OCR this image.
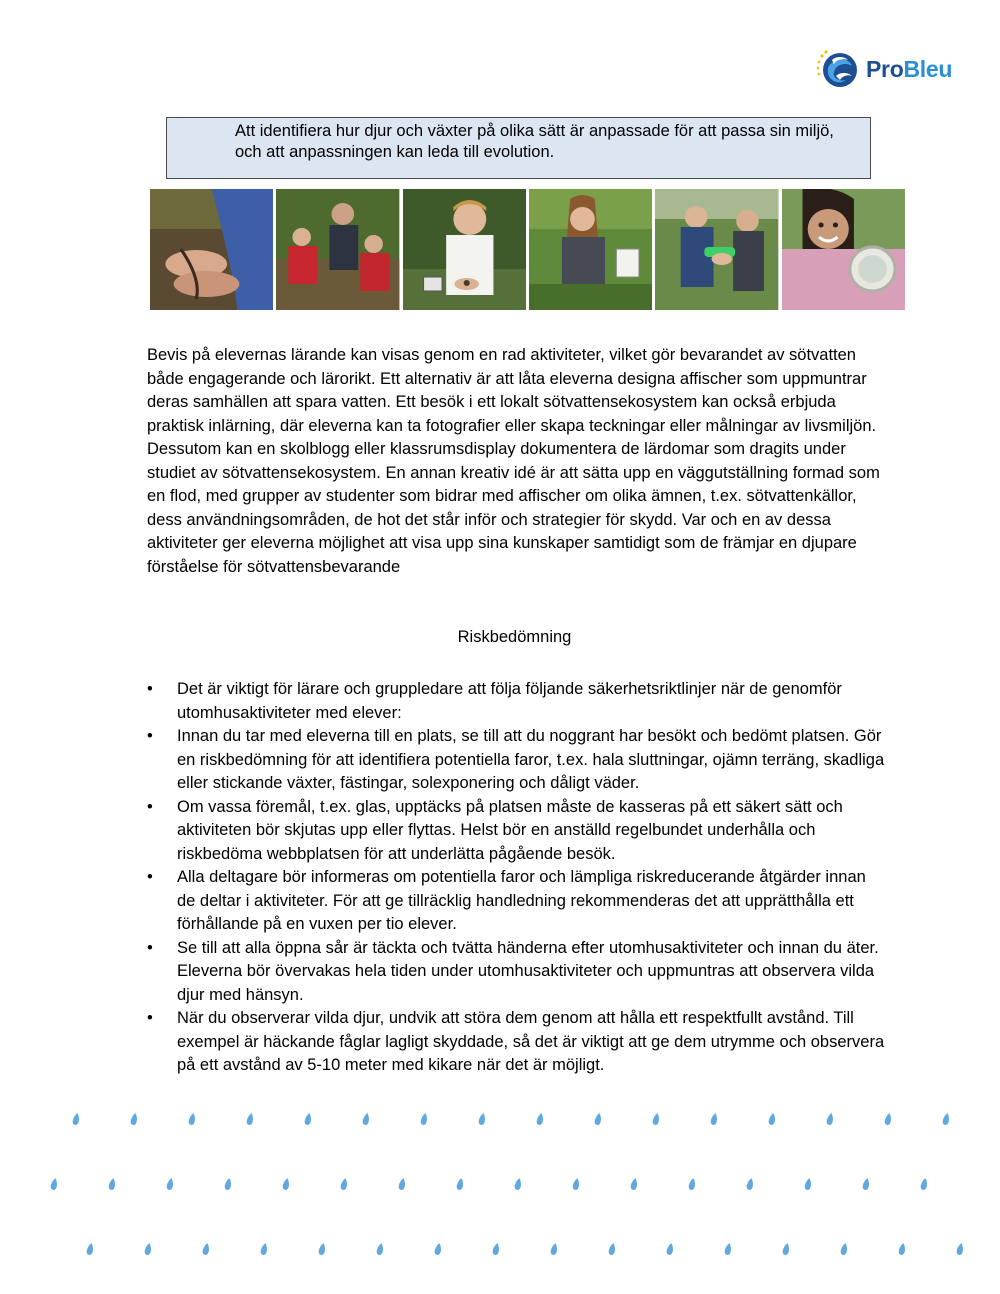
ProBleu
Att identifiera hur djur och växter på olika sätt är anpassade för att passa sin miljö, och att anpassningen kan leda till evolution.

Bevis på elevernas lärande kan visas genom en rad aktiviteter, vilket gör bevarandet av sötvatten både engagerande och lärorikt. Ett alternativ är att låta eleverna designa affischer som uppmuntrar deras samhällen att spara vatten. Ett besök i ett lokalt sötvattensekosystem kan också erbjuda praktisk inlärning, där eleverna kan ta fotografier eller skapa teckningar eller målningar av livsmiljön. Dessutom kan en skolblogg eller klassrumsdisplay dokumentera de lärdomar som dragits under studiet av sötvattensekosystem. En annan kreativ idé är att sätta upp en väggutställning formad som en flod, med grupper av studenter som bidrar med affischer om olika ämnen, t.ex. sötvattenkällor, dess användningsområden, de hot det står inför och strategier för skydd. Var och en av dessa aktiviteter ger eleverna möjlighet att visa upp sina kunskaper samtidigt som de främjar en djupare förståelse för sötvattensbevarande

Riskbedömning
• Det är viktigt för lärare och gruppledare att följa följande säkerhetsriktlinjer när de genomför utomhusaktiviteter med elever:
• Innan du tar med eleverna till en plats, se till att du noggrant har besökt och bedömt platsen. Gör en riskbedömning för att identifiera potentiella faror, t.ex. hala sluttningar, ojämn terräng, skadliga eller stickande växter, fästingar, solexponering och dåligt väder.
• Om vassa föremål, t.ex. glas, upptäcks på platsen måste de kasseras på ett säkert sätt och aktiviteten bör skjutas upp eller flyttas. Helst bör en anställd regelbundet underhålla och riskbedöma webbplatsen för att underlätta pågående besök.
• Alla deltagare bör informeras om potentiella faror och lämpliga riskreducerande åtgärder innan de deltar i aktiviteter. För att ge tillräcklig handledning rekommenderas det att upprätthålla ett förhållande på en vuxen per tio elever.
• Se till att alla öppna sår är täckta och tvätta händerna efter utomhusaktiviteter och innan du äter. Eleverna bör övervakas hela tiden under utomhusaktiviteter och uppmuntras att observera vilda djur med hänsyn.
• När du observerar vilda djur, undvik att störa dem genom att hålla ett respektfullt avstånd. Till exempel är häckande fåglar lagligt skyddade, så det är viktigt att ge dem utrymme och observera på ett avstånd av 5-10 meter med kikare när det är möjligt.
